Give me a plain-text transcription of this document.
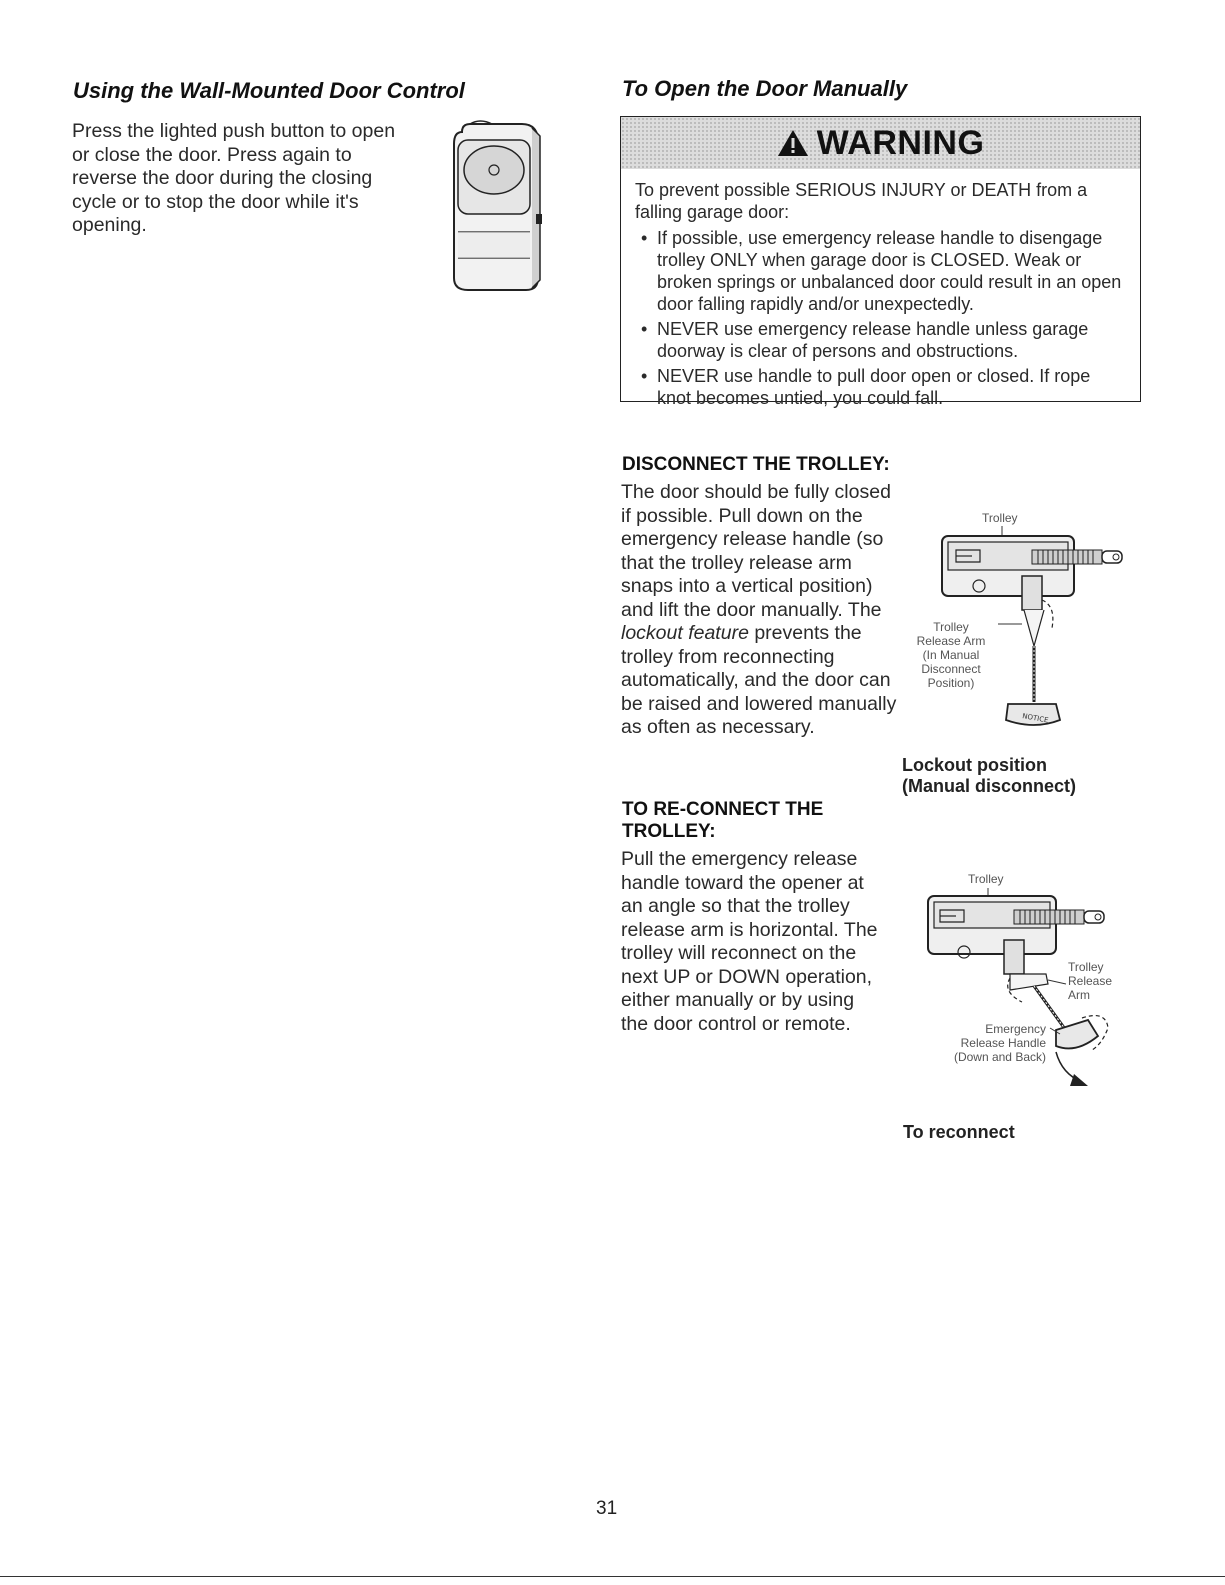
Using the Wall-Mounted Door Control

Press the lighted push button to open or close the door. Press again to reverse the door during the closing cycle or to stop the door while it's opening.

To Open the Door Manually
WARNING

To prevent possible SERIOUS INJURY or DEATH from a falling garage door:

• If possible, use emergency release handle to disengage trolley ONLY when garage door is CLOSED. Weak or broken springs or unbalanced door could result in an open door falling rapidly and/or unexpectedly.
• NEVER use emergency release handle unless garage doorway is clear of persons and obstructions.
• NEVER use handle to pull door open or closed. If rope knot becomes untied, you could fall.
DISCONNECT THE TROLLEY:

The door should be fully closed if possible. Pull down on the emergency release handle (so that the trolley release arm snaps into a vertical position) and lift the door manually. The lockout feature prevents the trolley from reconnecting automatically, and the door can be raised and lowered manually as often as necessary.

Trolley
Trolley
Release Arm
(In Manual
Disconnect
Position)
NOTICE
Lockout position
(Manual disconnect)
TO RE-CONNECT THE
TROLLEY:

Pull the emergency release handle toward the opener at an angle so that the trolley release arm is horizontal. The trolley will reconnect on the next UP or DOWN operation, either manually or by using the door control or remote.

Trolley
Trolley
Release
Arm
Emergency
Release Handle
(Down and Back)
To reconnect
31
